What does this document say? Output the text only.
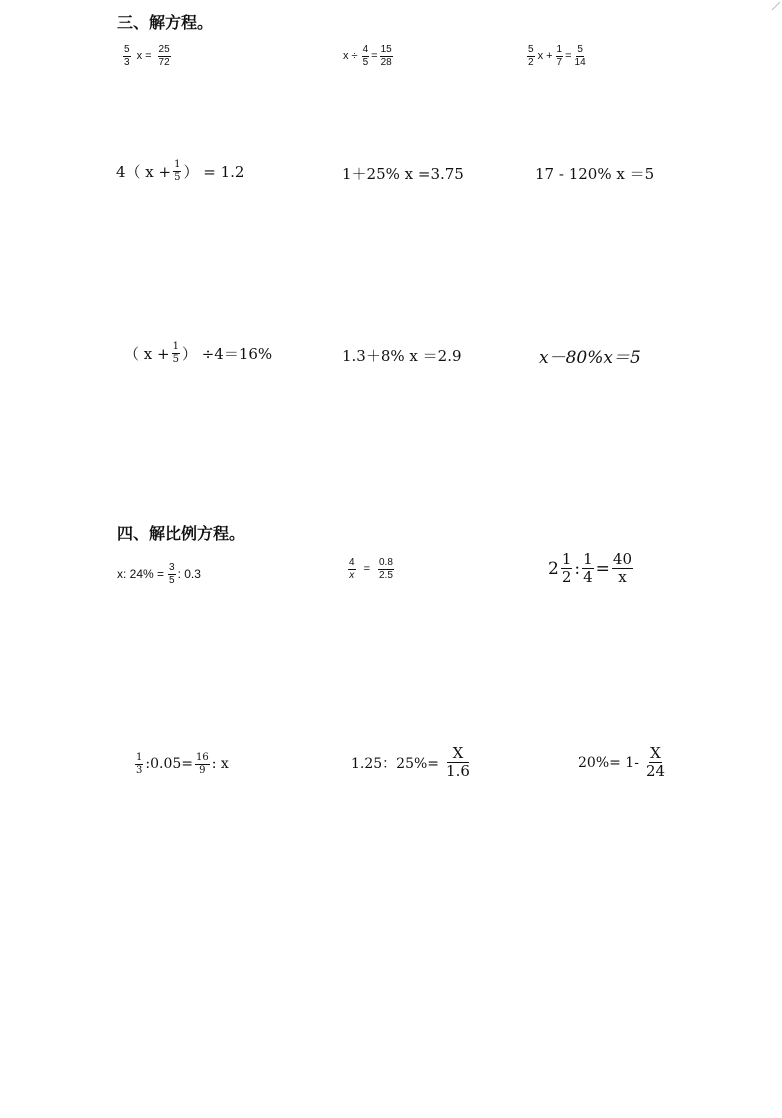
三、解方程。
$\frac{5}{3}$ $x = \frac{25}{72}$	$x \div \frac{4}{5} = \frac{15}{28}$	$\frac{5}{2}$ $x + \frac{1}{7} = \frac{5}{14}$
4（ $x + \frac{1}{5}$ ） = 1.2	1＋25% x =3.75	17 - 120% x ＝5
（ $x + \frac{1}{5}$ ） ÷4＝16%	1.3＋8% x ＝2.9	x－80%x＝5
四、解比例方程。
x: $24\% = \frac{3}{5}$ : 0.3	$\frac{4}{x} = \frac{0.8}{2.5}$	$2 \frac{1}{2}$ : $\frac{1}{4} = \frac{40}{x}$
$\frac{1}{3}$ :0.05= $\frac{16}{9}$ : x	1.25：$25\%= \frac{X}{1.6}$	$20\%= 1- \frac{X}{24}$
